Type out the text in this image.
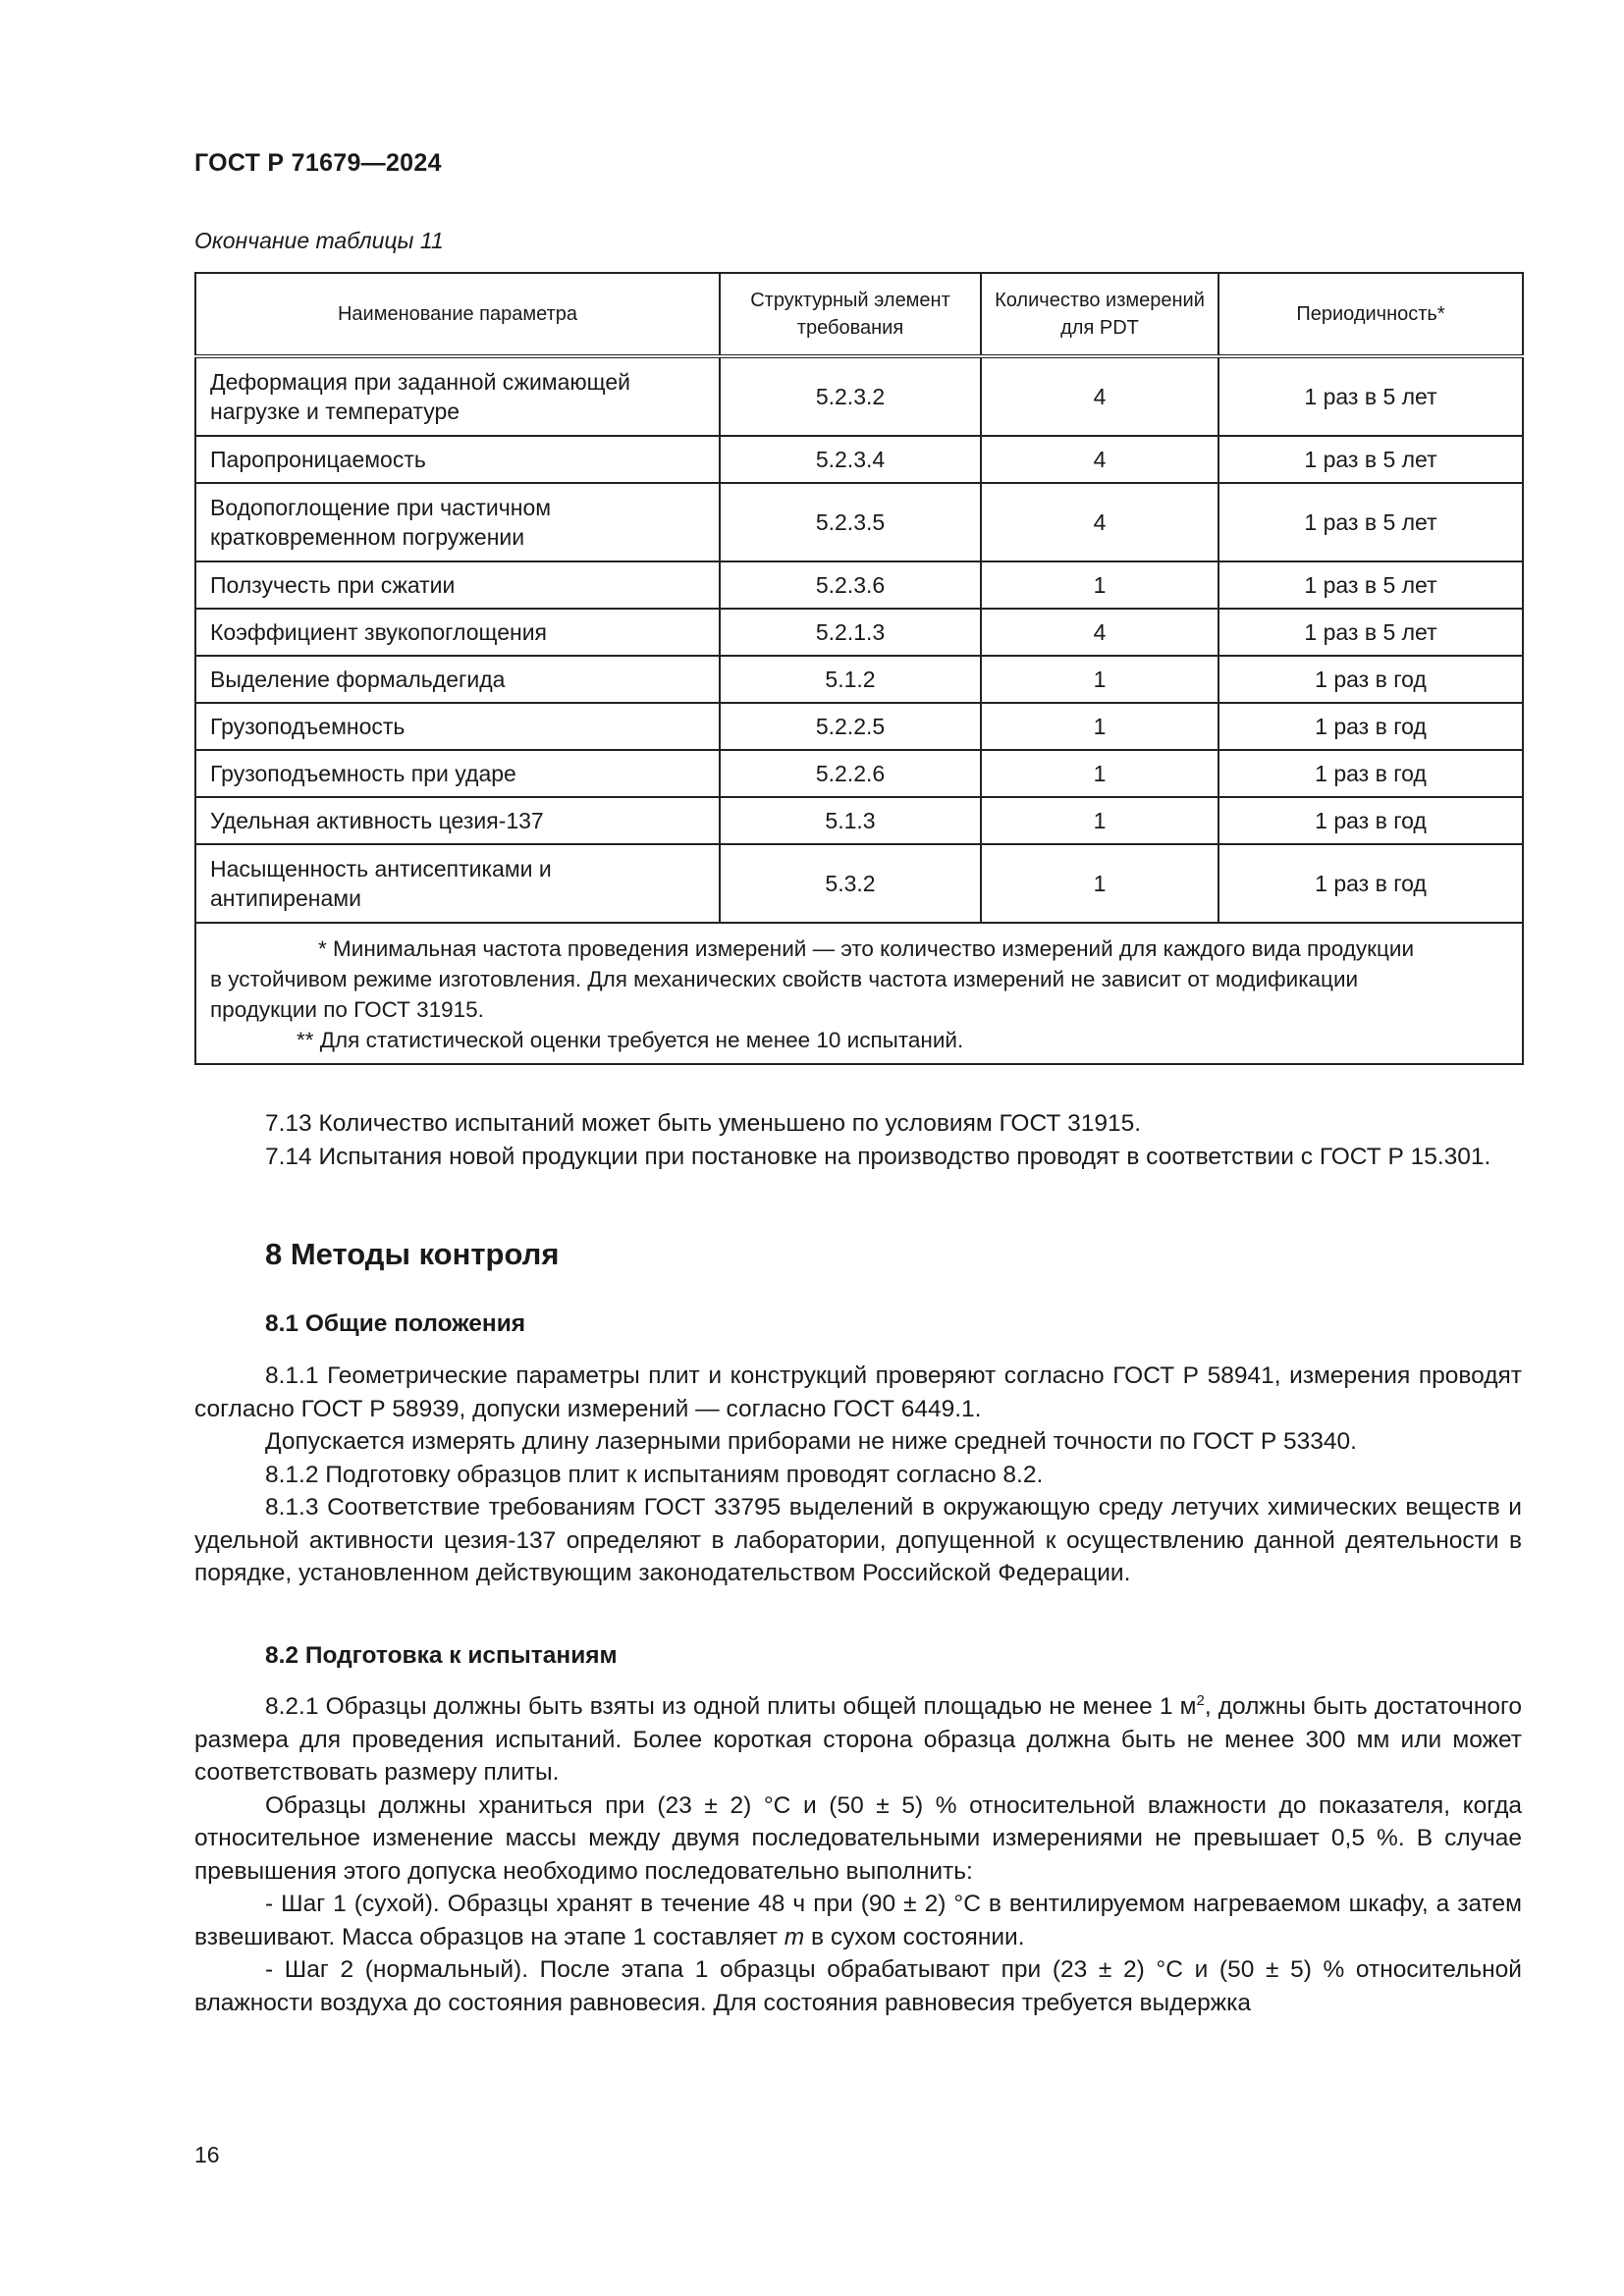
ГОСТ Р 71679—2024
Окончание таблицы 11
Наименование параметра	Структурный элемент требования	Количество измерений для PDT	Периодичность*
Деформация при заданной сжимающей нагрузке и температуре	5.2.3.2	4	1 раз в 5 лет
Паропроницаемость	5.2.3.4	4	1 раз в 5 лет
Водопоглощение при частичном кратковременном погружении	5.2.3.5	4	1 раз в 5 лет
Ползучесть при сжатии	5.2.3.6	1	1 раз в 5 лет
Коэффициент звукопоглощения	5.2.1.3	4	1 раз в 5 лет
Выделение формальдегида	5.1.2	1	1 раз в год
Грузоподъемность	5.2.2.5	1	1 раз в год
Грузоподъемность при ударе	5.2.2.6	1	1 раз в год
Удельная активность цезия-137	5.1.3	1	1 раз в год
Насыщенность антисептиками и антипиренами	5.3.2	1	1 раз в год

* Минимальная частота проведения измерений — это количество измерений для каждого вида продукции
в устойчивом режиме изготовления. Для механических свойств частота измерений не зависит от модификации
продукции по ГОСТ 31915.
** Для статистической оценки требуется не менее 10 испытаний.			

7.13 Количество испытаний может быть уменьшено по условиям ГОСТ 31915.

7.14 Испытания новой продукции при постановке на производство проводят в соответствии с ГОСТ Р 15.301.

8 Методы контроля
8.1 Общие положения

8.1.1 Геометрические параметры плит и конструкций проверяют согласно ГОСТ Р 58941, измерения проводят согласно ГОСТ Р 58939, допуски измерений — согласно ГОСТ 6449.1.

Допускается измерять длину лазерными приборами не ниже средней точности по ГОСТ Р 53340.

8.1.2 Подготовку образцов плит к испытаниям проводят согласно 8.2.

8.1.3 Соответствие требованиям ГОСТ 33795 выделений в окружающую среду летучих химических веществ и удельной активности цезия-137 определяют в лаборатории, допущенной к осуществлению данной деятельности в порядке, установленном действующим законодательством Российской Федерации.

8.2 Подготовка к испытаниям

8.2.1 Образцы должны быть взяты из одной плиты общей площадью не менее 1 $м^2$, должны быть достаточного размера для проведения испытаний. Более короткая сторона образца должна быть не менее 300 мм или может соответствовать размеру плиты.

Образцы должны храниться при (23 ± 2) °C и (50 ± 5) % относительной влажности до показателя, когда относительное изменение массы между двумя последовательными измерениями не превышает 0,5 %. В случае превышения этого допуска необходимо последовательно выполнить:

- Шаг 1 (сухой). Образцы хранят в течение 48 ч при (90 ± 2) °C в вентилируемом нагреваемом шкафу, а затем взвешивают. Масса образцов на этапе 1 составляет m в сухом состоянии.

- Шаг 2 (нормальный). После этапа 1 образцы обрабатывают при (23 ± 2) °C и (50 ± 5) % относительной влажности воздуха до состояния равновесия. Для состояния равновесия требуется выдержка

16
